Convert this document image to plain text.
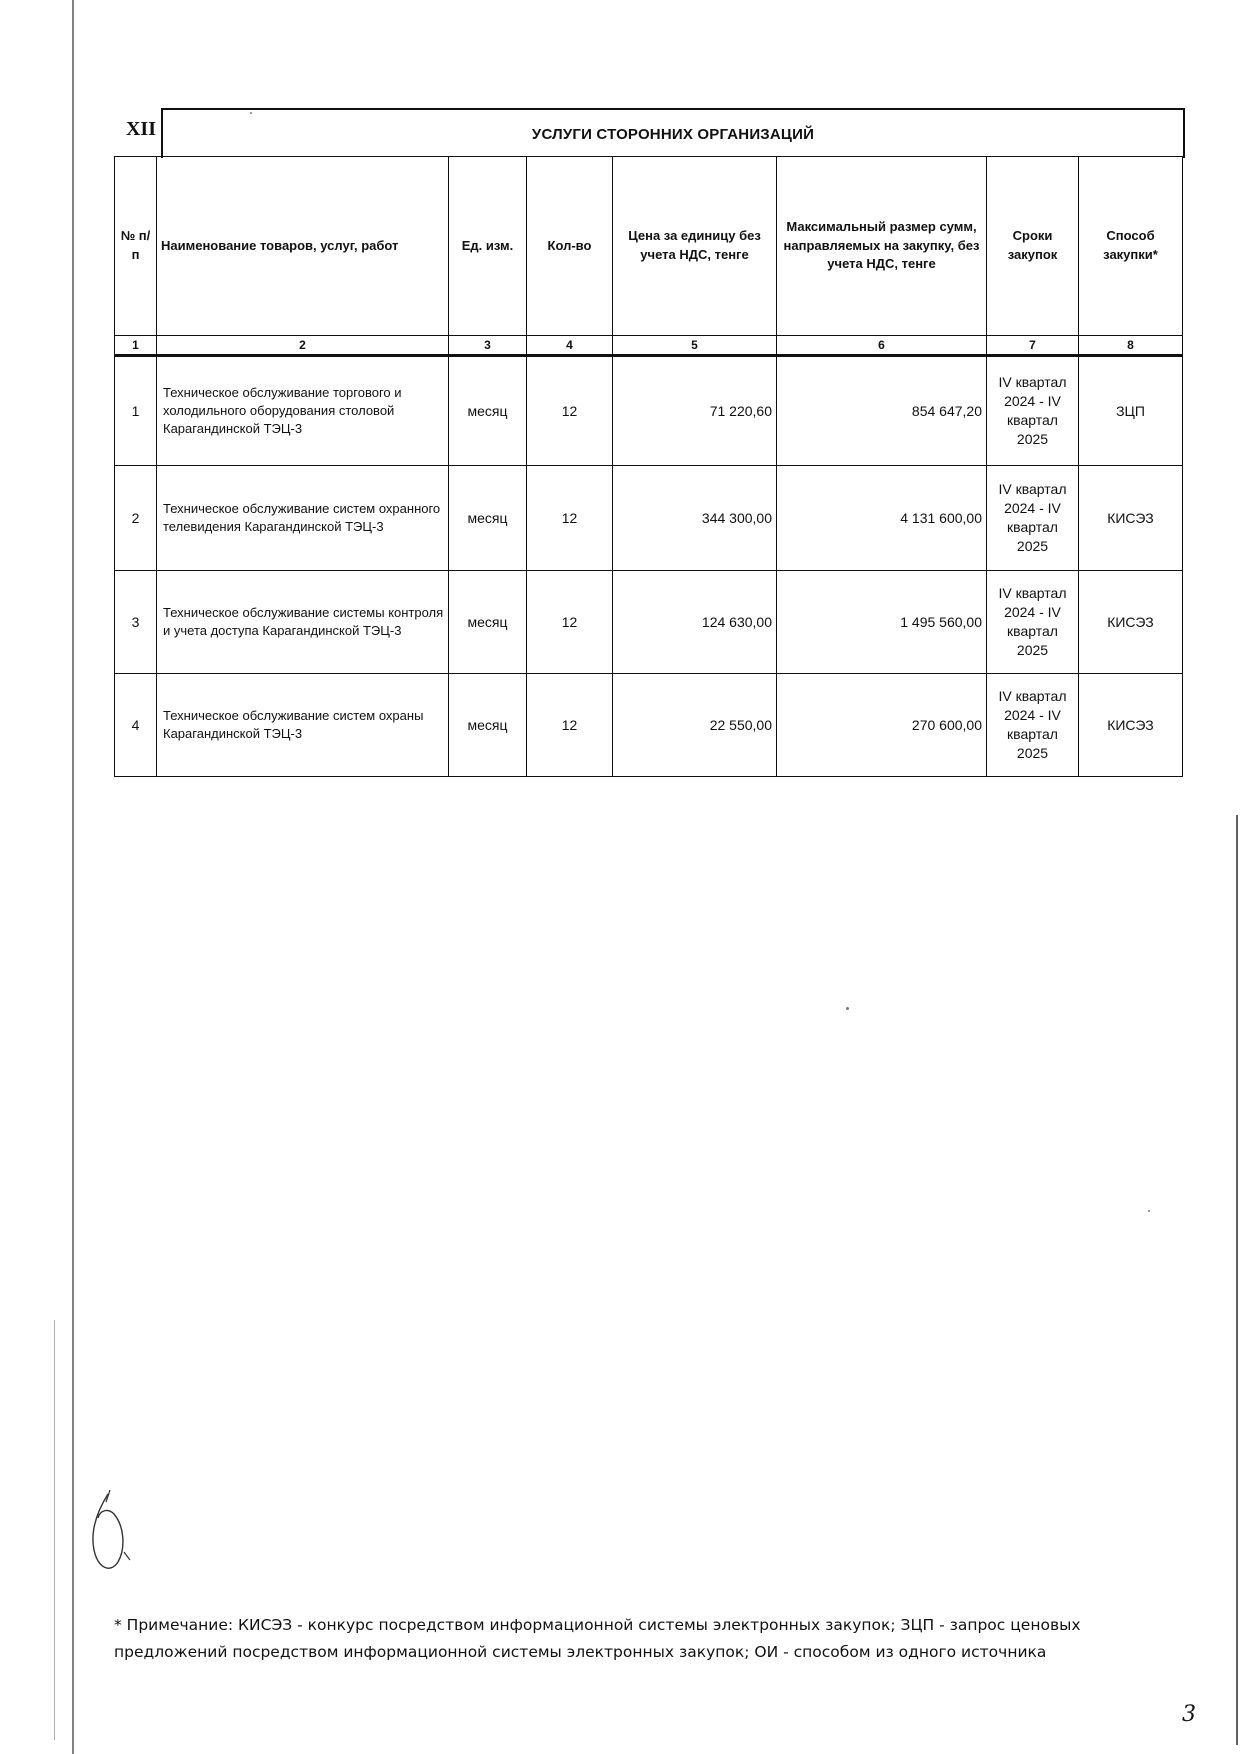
XII	УСЛУГИ СТОРОННИХ ОРГАНИЗАЦИЙ
№ п/п	Наименование товаров, услуг, работ	Ед. изм.	Кол-во	Цена за единицу без учета НДС, тенге	Максимальный размер сумм, направляемых на закупку, без учета НДС, тенге	Сроки закупок	Способ закупки*
1	2	3	4	5	6	7	8
1	Техническое обслуживание торгового и холодильного оборудования столовой Карагандинской ТЭЦ-3	месяц	12	71 220,60	854 647,20	IV квартал 2024 - IV квартал 2025	ЗЦП
2	Техническое обслуживание систем охранного телевидения Карагандинской ТЭЦ-3	месяц	12	344 300,00	4 131 600,00	IV квартал 2024 - IV квартал 2025	КИСЭЗ
3	Техническое обслуживание системы контроля и учета доступа Карагандинской ТЭЦ-3	месяц	12	124 630,00	1 495 560,00	IV квартал 2024 - IV квартал 2025	КИСЭЗ
4	Техническое обслуживание систем охраны Карагандинской ТЭЦ-3	месяц	12	22 550,00	270 600,00	IV квартал 2024 - IV квартал 2025	КИСЭЗ
* Примечание: КИСЭЗ - конкурс посредством информационной системы электронных закупок; ЗЦП - запрос ценовых предложений посредством информационной системы электронных закупок; ОИ - способом из одного источника
3
